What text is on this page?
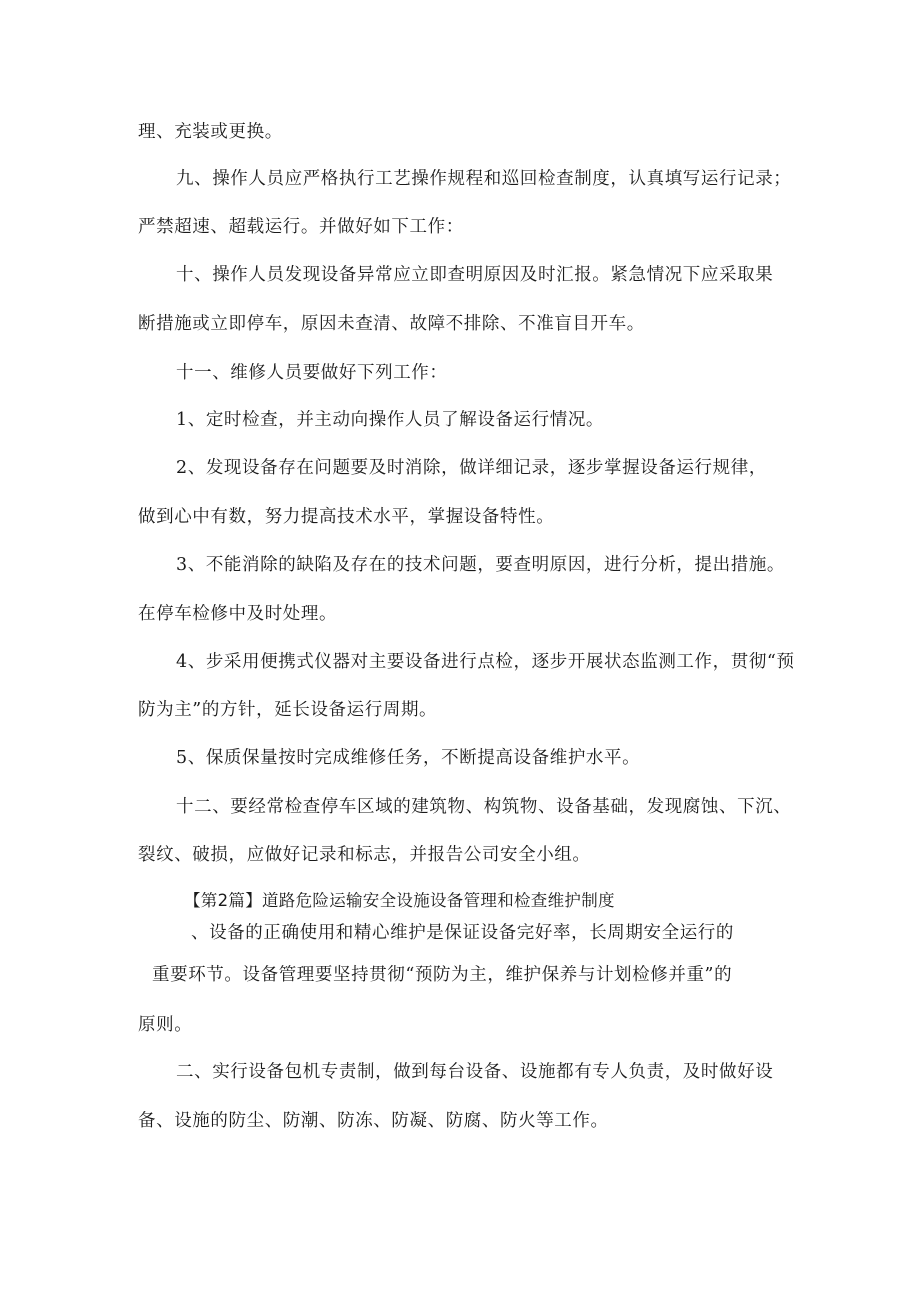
理、充装或更换。
九、操作人员应严格执行工艺操作规程和巡回检查制度，认真填写运行记录；
严禁超速、超载运行。并做好如下工作：
十、操作人员发现设备异常应立即查明原因及时汇报。紧急情况下应采取果
断措施或立即停车，原因未查清、故障不排除、不准盲目开车。
十一、维修人员要做好下列工作：
1、定时检查，并主动向操作人员了解设备运行情况。
2、发现设备存在问题要及时消除，做详细记录，逐步掌握设备运行规律，
做到心中有数，努力提高技术水平，掌握设备特性。
3、不能消除的缺陷及存在的技术问题，要查明原因，进行分析，提出措施。
在停车检修中及时处理。
4、步采用便携式仪器对主要设备进行点检，逐步开展状态监测工作，贯彻“预
防为主”的方针，延长设备运行周期。
5、保质保量按时完成维修任务，不断提高设备维护水平。
十二、要经常检查停车区域的建筑物、构筑物、设备基础，发现腐蚀、下沉、
裂纹、破损，应做好记录和标志，并报告公司安全小组。
【第2篇】道路危险运输安全设施设备管理和检查维护制度
、设备的正确使用和精心维护是保证设备完好率，长周期安全运行的
重要环节。设备管理要坚持贯彻“预防为主，维护保养与计划检修并重”的
原则。
二、实行设备包机专责制，做到每台设备、设施都有专人负责，及时做好设
备、设施的防尘、防潮、防冻、防凝、防腐、防火等工作。
